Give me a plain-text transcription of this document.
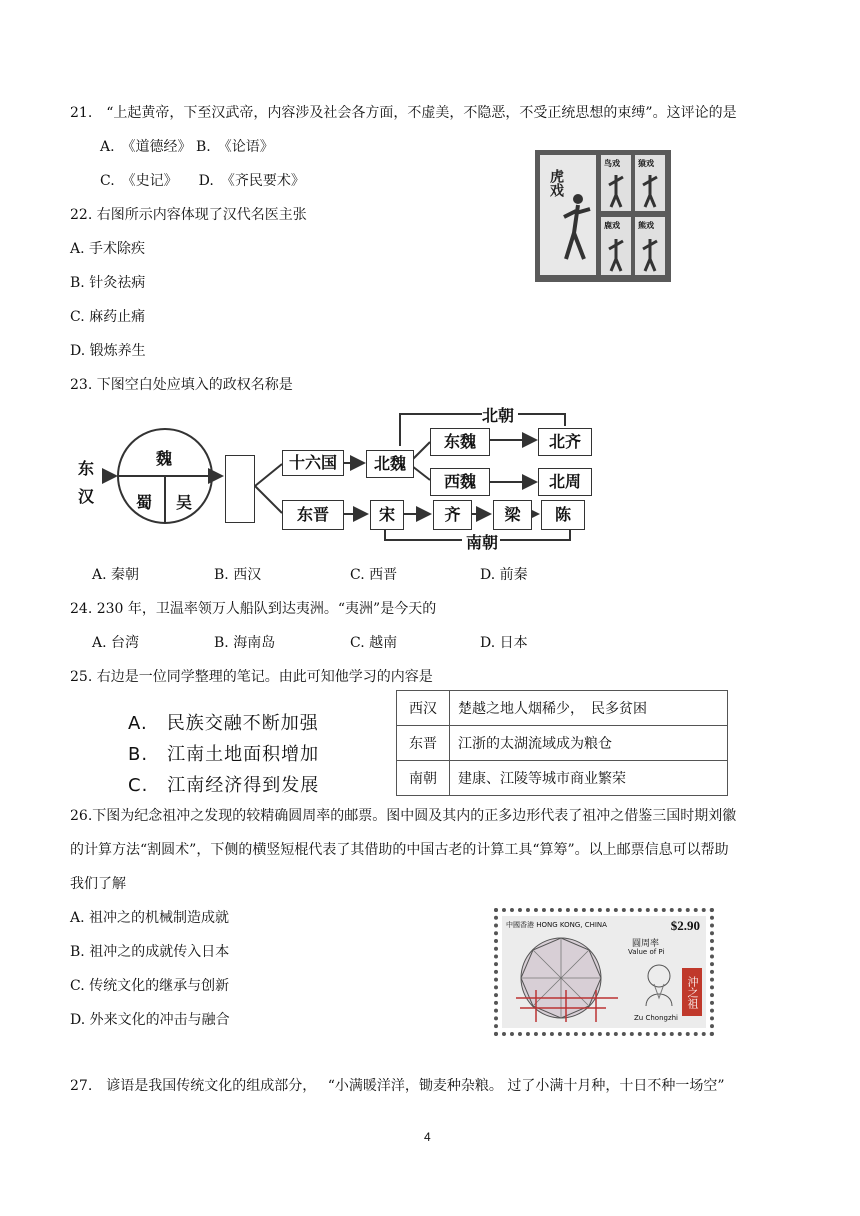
21.　“上起黄帝，下至汉武帝，内容涉及社会各方面，不虚美，不隐恶，不受正统思想的束缚”。这评论的是
A.　《道德经》 B.　《论语》
C.　《史记》　　D.　《齐民要术》
22. 右图所示内容体现了汉代名医主张
A. 手术除疾
B. 针灸祛病
C. 麻药止痛
D. 锻炼养生
虎戏
鸟戏 猿戏
鹿戏 熊戏
23. 下图空白处应填入的政权名称是
东
汉
魏
蜀 吴
十六国	北魏
东魏
西魏
北齐
北周
北朝
东晋	宋	齐	梁	陈
南朝
A. 秦朝	B. 西汉	C. 西晋	D. 前秦
24. 230 年，卫温率领万人船队到达夷洲。“夷洲”是今天的
A. 台湾	B. 海南岛	C. 越南	D. 日本
25. 右边是一位同学整理的笔记。由此可知他学习的内容是
A.　民族交融不断加强
B.　江南土地面积增加
C.　江南经济得到发展
西汉	楚越之地人烟稀少，　民多贫困
东晋	江浙的太湖流域成为粮仓
南朝	建康、江陵等城市商业繁荣
26.下图为纪念祖冲之发现的较精确圆周率的邮票。图中圆及其内的正多边形代表了祖冲之借鉴三国时期刘徽
的计算方法“割圆术”，下侧的横竖短棍代表了其借助的中国古老的计算工具“算筹”。以上邮票信息可以帮助
我们了解
A. 祖冲之的机械制造成就
B. 祖冲之的成就传入日本
C. 传统文化的继承与创新
D. 外来文化的冲击与融合
中國香港 HONG KONG, CHINA	$2.90
圓周率
Value of Pi
Zu Chongzhi
沖之祖
27.　谚语是我国传统文化的组成部分，　 “小满暖洋洋，锄麦种杂粮。 过了小满十月种，十日不种一场空”
4
